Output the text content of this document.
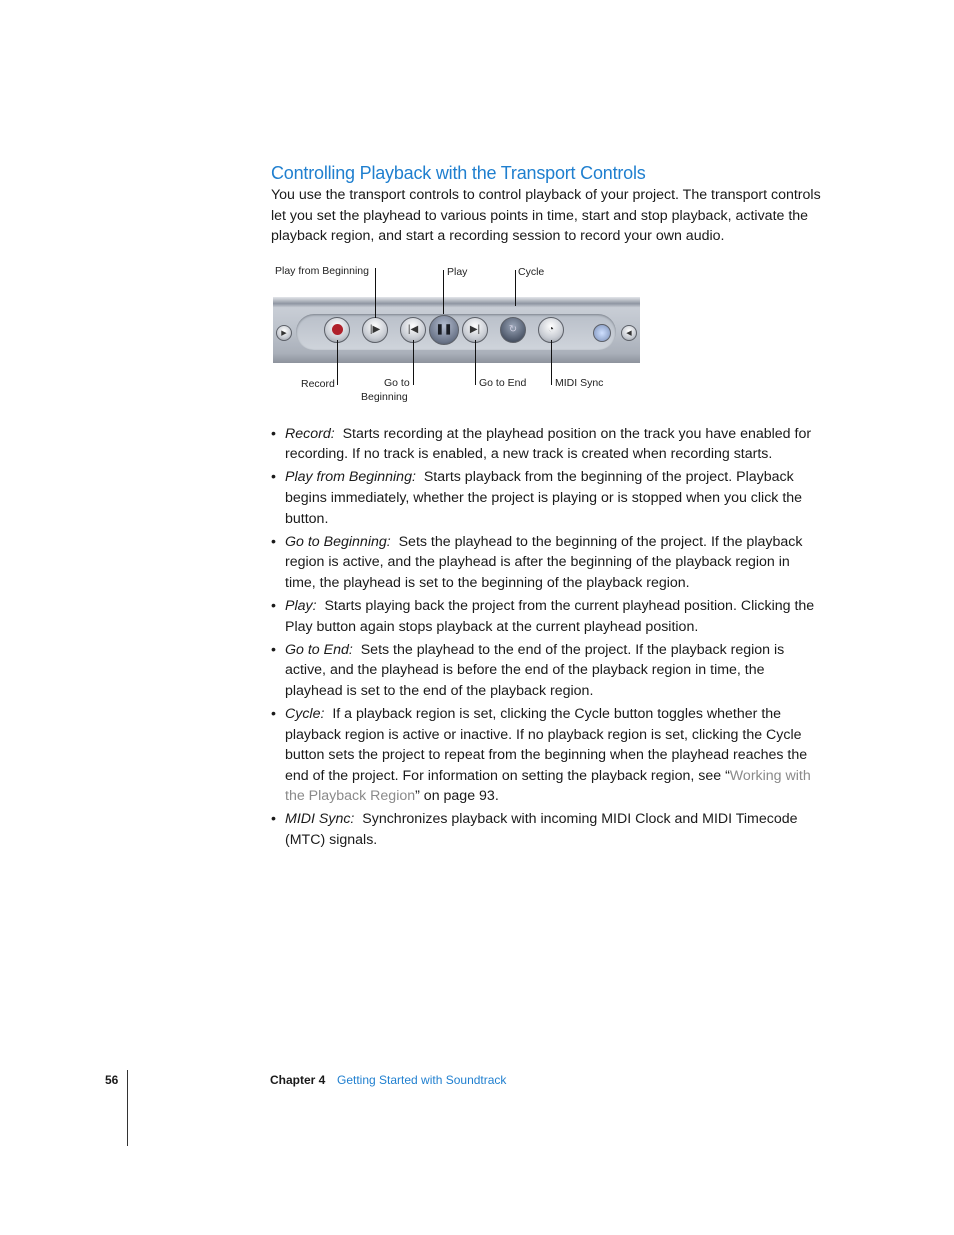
Controlling Playback with the Transport Controls

You use the transport controls to control playback of your project. The transport controls let you set the playhead to various points in time, start and stop playback, activate the playback region, and start a recording session to record your own audio.

Play from Beginning	Play	Cycle
Record	Go to
Beginning
Go to End	MIDI Sync
▶	|▶	|◀ ❚❚ ▶|	↻	◔	◀
• Record: Starts recording at the playhead position on the track you have enabled for recording. If no track is enabled, a new track is created when recording starts.
• Play from Beginning: Starts playback from the beginning of the project. Playback begins immediately, whether the project is playing or is stopped when you click the button.
• Go to Beginning: Sets the playhead to the beginning of the project. If the playback region is active, and the playhead is after the beginning of the playback region in time, the playhead is set to the beginning of the playback region.
• Play: Starts playing back the project from the current playhead position. Clicking the Play button again stops playback at the current playhead position.
• Go to End: Sets the playhead to the end of the project. If the playback region is active, and the playhead is before the end of the playback region in time, the playhead is set to the end of the playback region.
• Cycle: If a playback region is set, clicking the Cycle button toggles whether the playback region is active or inactive. If no playback region is set, clicking the Cycle button sets the project to repeat from the beginning when the playhead reaches the end of the project. For information on setting the playback region, see “Working with the Playback Region” on page 93.
• MIDI Sync: Synchronizes playback with incoming MIDI Clock and MIDI Timecode (MTC) signals.
56	Chapter 4 Getting Started with Soundtrack
